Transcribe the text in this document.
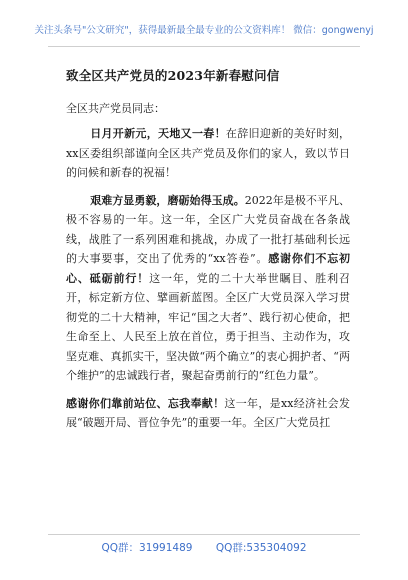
关注头条号"公文研究"，获得最新最全最专业的公文资料库！ 微信：gongwenyj
致全区共产党员的2023年新春慰问信
全区共产党员同志：

日月开新元，天地又一春！在辞旧迎新的美好时刻，xx区委组织部谨向全区共产党员及你们的家人，致以节日的问候和新春的祝福！

艰难方显勇毅，磨砺始得玉成。2022年是极不平凡、极不容易的一年。这一年，全区广大党员奋战在各条战线，战胜了一系列困难和挑战，办成了一批打基础利长远的大事要事，交出了优秀的“xx答卷”。感谢你们不忘初心、砥砺前行！这一年，党的二十大举世瞩目、胜利召开，标定新方位、擘画新蓝图。全区广大党员深入学习贯彻党的二十大精神，牢记“国之大者”、践行初心使命，把生命至上、人民至上放在首位，勇于担当、主动作为，攻坚克难、真抓实干，坚决做“两个确立”的衷心拥护者、“两个维护”的忠诚践行者，聚起奋勇前行的“红色力量”。

感谢你们靠前站位、忘我奉献！这一年，是xx经济社会发展“破题开局、晋位争先”的重要一年。全区广大党员扛

QQ群：31991489 QQ群:535304092
